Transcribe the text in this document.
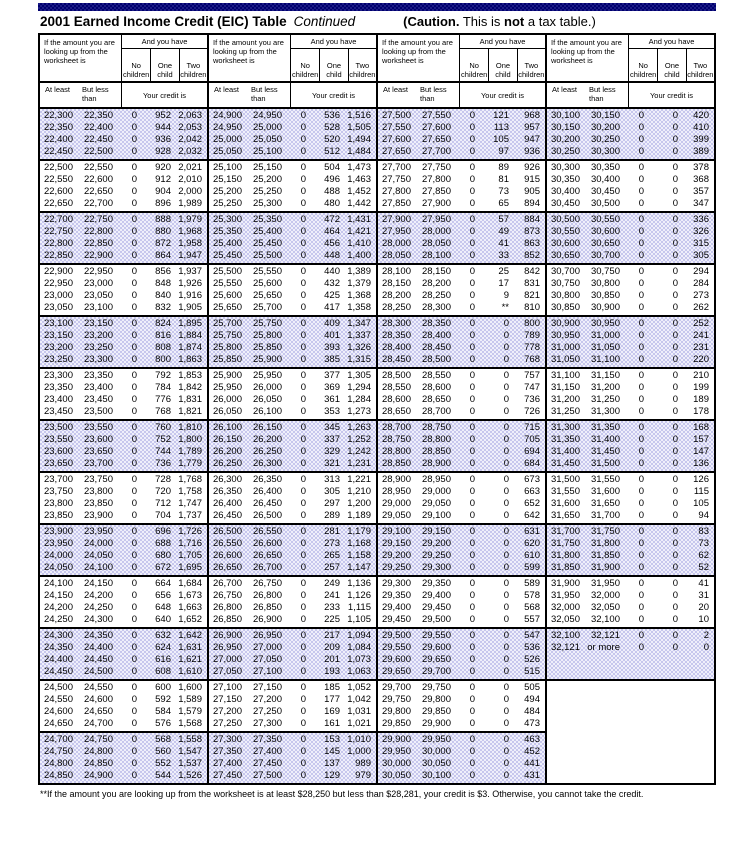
2001 Earned Income Credit (EIC) Table Continued	(Caution. This is not a tax table.)
If the amount you are looking up from the worksheet is
And you have
No children
One child
Two children
At least	But less than	Your credit is
22,300	22,350	0	952 2,063
22,350	22,400	0	944 2,053
22,400	22,450	0	936 2,042
22,450	22,500	0	928 2,032
22,500	22,550	0	920 2,021
22,550	22,600	0	912 2,010
22,600	22,650	0	904 2,000
22,650	22,700	0	896 1,989
22,700	22,750	0	888 1,979
22,750	22,800	0	880 1,968
22,800	22,850	0	872 1,958
22,850	22,900	0	864 1,947
22,900	22,950	0	856 1,937
22,950	23,000	0	848 1,926
23,000	23,050	0	840 1,916
23,050	23,100	0	832 1,905
23,100	23,150	0	824 1,895
23,150	23,200	0	816 1,884
23,200	23,250	0	808 1,874
23,250	23,300	0	800 1,863
23,300	23,350	0	792 1,853
23,350	23,400	0	784 1,842
23,400	23,450	0	776 1,831
23,450	23,500	0	768 1,821
23,500	23,550	0	760 1,810
23,550	23,600	0	752 1,800
23,600	23,650	0	744 1,789
23,650	23,700	0	736 1,779
23,700	23,750	0	728 1,768
23,750	23,800	0	720 1,758
23,800	23,850	0	712 1,747
23,850	23,900	0	704 1,737
23,900	23,950	0	696 1,726
23,950	24,000	0	688 1,716
24,000	24,050	0	680 1,705
24,050	24,100	0	672 1,695
24,100	24,150	0	664 1,684
24,150	24,200	0	656 1,673
24,200	24,250	0	648 1,663
24,250	24,300	0	640 1,652
24,300	24,350	0	632 1,642
24,350	24,400	0	624 1,631
24,400	24,450	0	616 1,621
24,450	24,500	0	608 1,610
24,500	24,550	0	600 1,600
24,550	24,600	0	592 1,589
24,600	24,650	0	584 1,579
24,650	24,700	0	576 1,568
24,700	24,750	0	568 1,558
24,750	24,800	0	560 1,547
24,800	24,850	0	552 1,537
24,850	24,900	0	544 1,526
If the amount you are looking up from the worksheet is
And you have
No children
One child
Two children
At least	But less than	Your credit is
24,900	24,950	0	536 1,516
24,950	25,000	0	528 1,505
25,000	25,050	0	520 1,494
25,050	25,100	0	512 1,484
25,100	25,150	0	504 1,473
25,150	25,200	0	496 1,463
25,200	25,250	0	488 1,452
25,250	25,300	0	480 1,442
25,300	25,350	0	472 1,431
25,350	25,400	0	464 1,421
25,400	25,450	0	456 1,410
25,450	25,500	0	448 1,400
25,500	25,550	0	440 1,389
25,550	25,600	0	432 1,379
25,600	25,650	0	425 1,368
25,650	25,700	0	417 1,358
25,700	25,750	0	409 1,347
25,750	25,800	0	401 1,337
25,800	25,850	0	393 1,326
25,850	25,900	0	385 1,315
25,900	25,950	0	377 1,305
25,950	26,000	0	369 1,294
26,000	26,050	0	361 1,284
26,050	26,100	0	353 1,273
26,100	26,150	0	345 1,263
26,150	26,200	0	337 1,252
26,200	26,250	0	329 1,242
26,250	26,300	0	321 1,231
26,300	26,350	0	313 1,221
26,350	26,400	0	305 1,210
26,400	26,450	0	297 1,200
26,450	26,500	0	289 1,189
26,500	26,550	0	281 1,179
26,550	26,600	0	273 1,168
26,600	26,650	0	265 1,158
26,650	26,700	0	257 1,147
26,700	26,750	0	249 1,136
26,750	26,800	0	241 1,126
26,800	26,850	0	233 1,115
26,850	26,900	0	225 1,105
26,900	26,950	0	217 1,094
26,950	27,000	0	209 1,084
27,000	27,050	0	201 1,073
27,050	27,100	0	193 1,063
27,100	27,150	0	185 1,052
27,150	27,200	0	177 1,042
27,200	27,250	0	169 1,031
27,250	27,300	0	161 1,021
27,300	27,350	0	153 1,010
27,350	27,400	0	145 1,000
27,400	27,450	0	137	989
27,450	27,500	0	129	979
If the amount you are looking up from the worksheet is
And you have
No children
One child
Two children
At least	But less than	Your credit is
27,500	27,550	0	121	968
27,550	27,600	0	113	957
27,600	27,650	0	105	947
27,650	27,700	0	97	936
27,700	27,750	0	89	926
27,750	27,800	0	81	915
27,800	27,850	0	73	905
27,850	27,900	0	65	894
27,900	27,950	0	57	884
27,950	28,000	0	49	873
28,000	28,050	0	41	863
28,050	28,100	0	33	852
28,100	28,150	0	25	842
28,150	28,200	0	17	831
28,200	28,250	0	9	821
28,250	28,300	0	**	810
28,300	28,350	0	0	800
28,350	28,400	0	0	789
28,400	28,450	0	0	778
28,450	28,500	0	0	768
28,500	28,550	0	0	757
28,550	28,600	0	0	747
28,600	28,650	0	0	736
28,650	28,700	0	0	726
28,700	28,750	0	0	715
28,750	28,800	0	0	705
28,800	28,850	0	0	694
28,850	28,900	0	0	684
28,900	28,950	0	0	673
28,950	29,000	0	0	663
29,000	29,050	0	0	652
29,050	29,100	0	0	642
29,100	29,150	0	0	631
29,150	29,200	0	0	620
29,200	29,250	0	0	610
29,250	29,300	0	0	599
29,300	29,350	0	0	589
29,350	29,400	0	0	578
29,400	29,450	0	0	568
29,450	29,500	0	0	557
29,500	29,550	0	0	547
29,550	29,600	0	0	536
29,600	29,650	0	0	526
29,650	29,700	0	0	515
29,700	29,750	0	0	505
29,750	29,800	0	0	494
29,800	29,850	0	0	484
29,850	29,900	0	0	473
29,900	29,950	0	0	463
29,950	30,000	0	0	452
30,000	30,050	0	0	441
30,050	30,100	0	0	431
If the amount you are looking up from the worksheet is
And you have
No children
One child
Two children
At least	But less than	Your credit is
30,100	30,150	0	0	420
30,150	30,200	0	0	410
30,200	30,250	0	0	399
30,250	30,300	0	0	389
30,300	30,350	0	0	378
30,350	30,400	0	0	368
30,400	30,450	0	0	357
30,450	30,500	0	0	347
30,500	30,550	0	0	336
30,550	30,600	0	0	326
30,600	30,650	0	0	315
30,650	30,700	0	0	305
30,700	30,750	0	0	294
30,750	30,800	0	0	284
30,800	30,850	0	0	273
30,850	30,900	0	0	262
30,900	30,950	0	0	252
30,950	31,000	0	0	241
31,000	31,050	0	0	231
31,050	31,100	0	0	220
31,100	31,150	0	0	210
31,150	31,200	0	0	199
31,200	31,250	0	0	189
31,250	31,300	0	0	178
31,300	31,350	0	0	168
31,350	31,400	0	0	157
31,400	31,450	0	0	147
31,450	31,500	0	0	136
31,500	31,550	0	0	126
31,550	31,600	0	0	115
31,600	31,650	0	0	105
31,650	31,700	0	0	94
31,700	31,750	0	0	83
31,750	31,800	0	0	73
31,800	31,850	0	0	62
31,850	31,900	0	0	52
31,900	31,950	0	0	41
31,950	32,000	0	0	31
32,000	32,050	0	0	20
32,050	32,100	0	0	10
32,100	32,121	0	0	2
32,121 or more	0	0	0
**If the amount you are looking up from the worksheet is at least $28,250 but less than $28,281, your credit is $3. Otherwise, you cannot take the credit.
